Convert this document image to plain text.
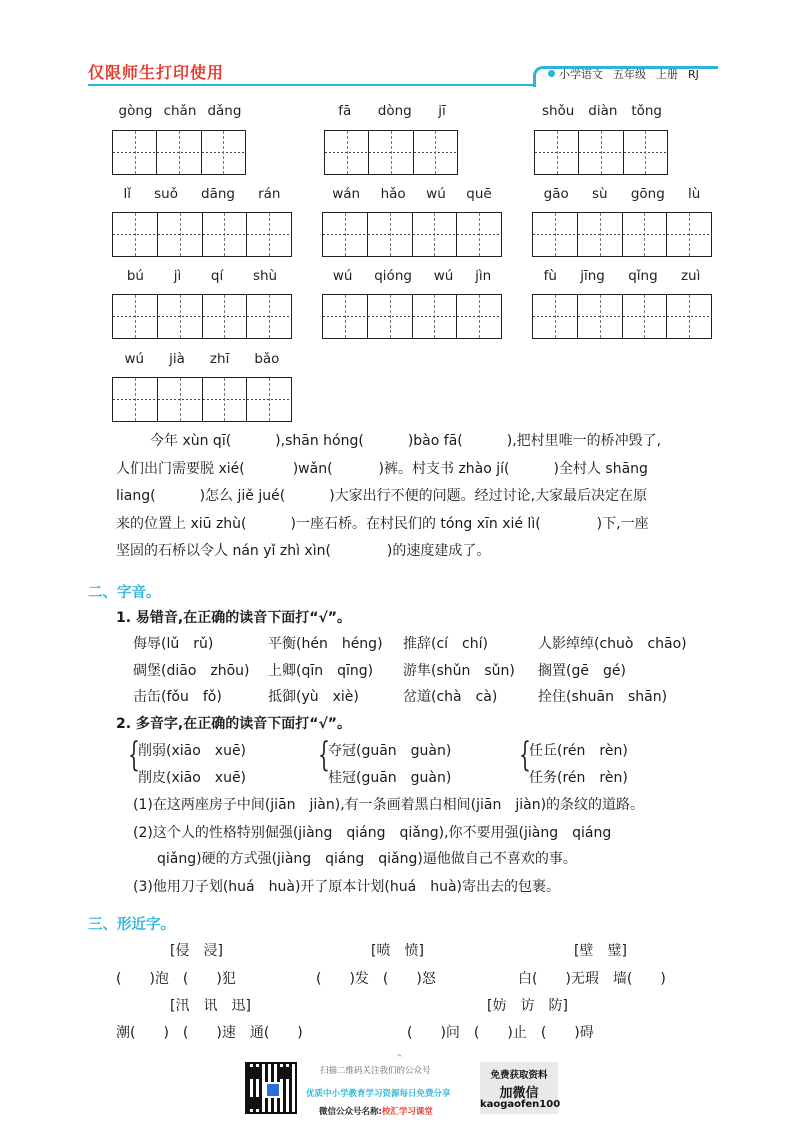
仅限师生打印使用	小学语文 五年级 上册 RJ
gòng chǎn dǎng	fā dòng jī	shǒu diàn tǒng
lǐ suǒ dāng rán	wán hǎo wú quē	gāo sù gōng lù
bú jì qí shù	wú qióng wú jìn	fù jīng qǐng zuì
wú jià zhī bǎo
今年 xùn qī(	),shān hóng(	)bào fā(	),把村里唯一的桥冲毁了,
人们出门需要脱 xié(	)wǎn(	)裤。村支书 zhào jí(	)全村人 shāng
liang(	)怎么 jiě jué(	)大家出行不便的问题。经过讨论,大家最后决定在原
来的位置上 xiū zhù(	)一座石桥。在村民们的 tóng xīn xié lì(	)下,一座
坚固的石桥以令人 nán yǐ zhì xìn(	)的速度建成了。
二、字音。
1. 易错音,在正确的读音下面打“√”。
侮辱(lǔ　rǔ)	平衡(hén　héng) 推辞(cí　chí)	人影绰绰(chuò　chāo)
碉堡(diāo　zhōu) 上卿(qīn　qīng) 游隼(shǔn　sǔn) 搁置(gē　gé)
击缶(fǒu　fǒ)	抵御(yù　xiè)	岔道(chà　cà)	拴住(shuān　shān)
2. 多音字,在正确的读音下面打“√”。
{
削弱(xiāo　xuē)
削皮(xiāo　xuē)
{
夺冠(guān　guàn)
桂冠(guān　guàn)
{
任丘(rén　rèn)
任务(rén　rèn)
(1)在这两座房子中间(jiān　jiàn),有一条画着黑白相间(jiān　jiàn)的条纹的道路。
(2)这个人的性格特别倔强(jiàng　qiáng　qiǎng),你不要用强(jiàng　qiáng
qiǎng)硬的方式强(jiàng　qiáng　qiǎng)逼他做自己不喜欢的事。
(3)他用刀子划(huá　huà)开了原本计划(huá　huà)寄出去的包裹。
三、形近字。
[侵　浸]	[喷　愤]	[壁　璧]
(　　)泡　(　　)犯	(　　)发　(　　)怒	白(　　)无瑕　墙(　　)
[汛　讯　迅]	[妨　访　防]
潮(　　)　(　　)速　通(　　)	(　　)问　(　　)止　(　　)碍
^
扫描二维码关注我们的公众号
优质中小学教育学习资源每日免费分享
微信公众号名称:校汇学习课堂
免费获取资料
加微信
kaogaofen100
